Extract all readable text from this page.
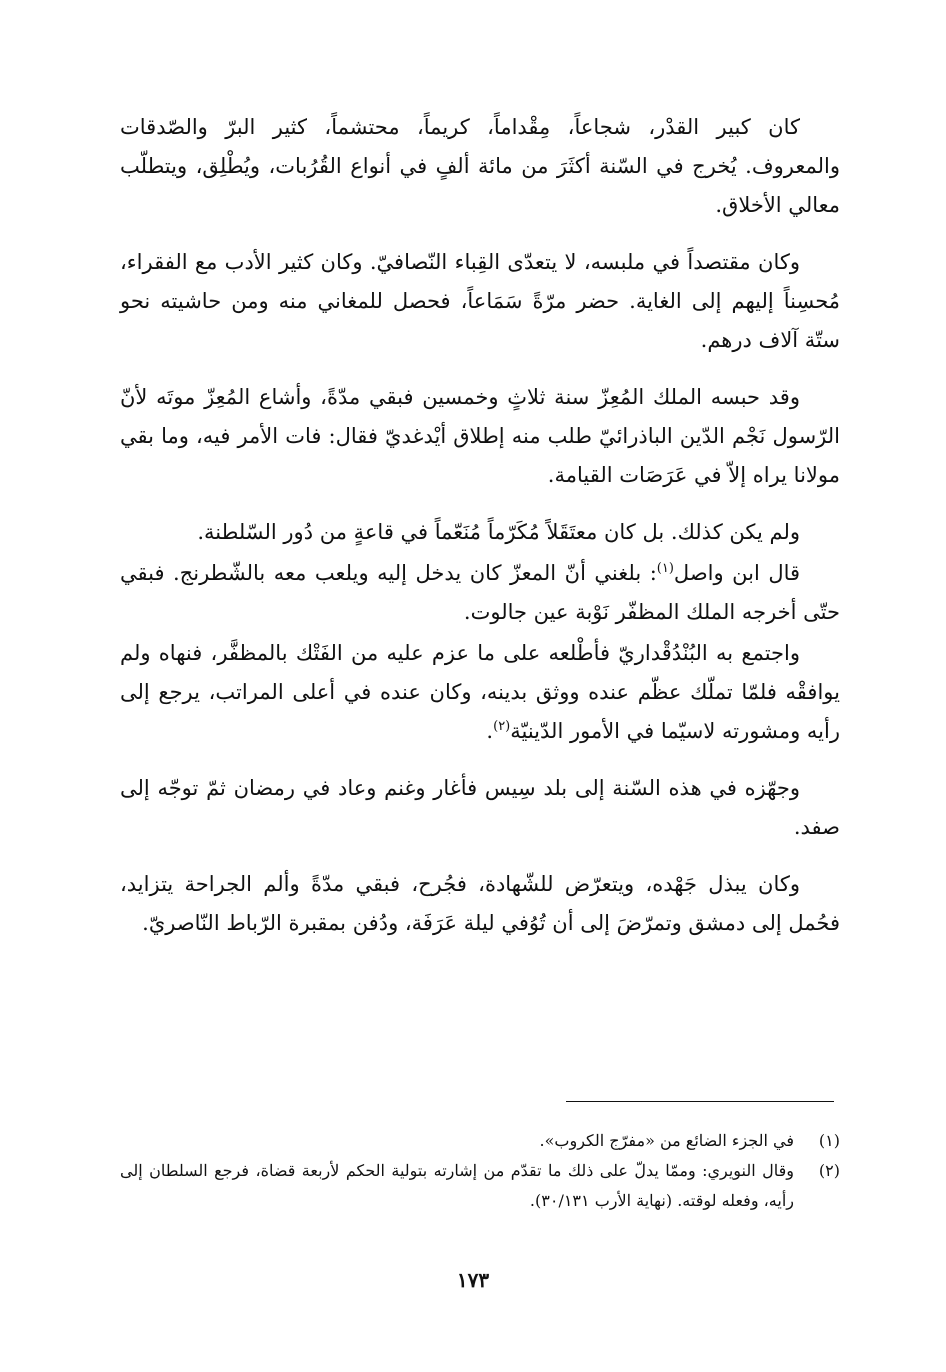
كان كبير القدْر، شجاعاً، مِقْداماً، كريماً، محتشماً، كثير البرّ والصّدقات والمعروف. يُخرج في السّنة أكثَرَ من مائة ألفٍ في أنواع القُرُبات، ويُطْلِق، ويتطلّب معالي الأخلاق.

وكان مقتصداً في ملبسه، لا يتعدّى القِباء النّصافيّ. وكان كثير الأدب مع الفقراء، مُحسِناً إليهم إلى الغاية. حضر مرّةً سَمَاعاً، فحصل للمغاني منه ومن حاشيته نحو ستّة آلاف درهم.

وقد حبسه الملك المُعِزّ سنة ثلاثٍ وخمسين فبقي مدّةً، وأشاع المُعِزّ موتَه لأنّ الرّسول نَجْم الدّين الباذرائيّ طلب منه إطلاق أيْدغديّ فقال: فات الأمر فيه، وما بقي مولانا يراه إلاّ في عَرَصَات القيامة.

ولم يكن كذلك. بل كان معتَقَلاً مُكَرّماً مُنَعّماً في قاعةٍ من دُور السّلطنة.

قال ابن واصل$^{(١)}$: بلغني أنّ المعزّ كان يدخل إليه ويلعب معه بالشّطرنج. فبقي حتّى أخرجه الملك المظفّر نَوْبة عين جالوت.

واجتمع به البُنْدُقْداريّ فأطْلعه على ما عزم عليه من الفَتْك بالمظفَّر، فنهاه ولم يوافقْه فلمّا تملّك عظّم عنده ووثق بدينه، وكان عنده في أعلى المراتب، يرجع إلى رأيه ومشورته لاسيّما في الأمور الدّينيّة$^{(٢)}$.

وجهّزه في هذه السّنة إلى بلد سِيس فأغار وغنم وعاد في رمضان ثمّ توجّه إلى صفد.

وكان يبذل جَهْده، ويتعرّض للشّهادة، فجُرح، فبقي مدّةً وألم الجراحة يتزايد، فحُمل إلى دمشق وتمرّضَ إلى أن تُوُفي ليلة عَرَفَة، ودُفن بمقبرة الرّباط النّاصريّ.

(١)
في الجزء الضائع من «مفرّج الكروب».
(٢)
وقال النويري: وممّا يدلّ على ذلك ما تقدّم من إشارته بتولية الحكم لأربعة قضاة، فرجع السلطان إلى رأيه، وفعله لوقته. (نهاية الأرب ٣٠/١٣١).
١٧٣
